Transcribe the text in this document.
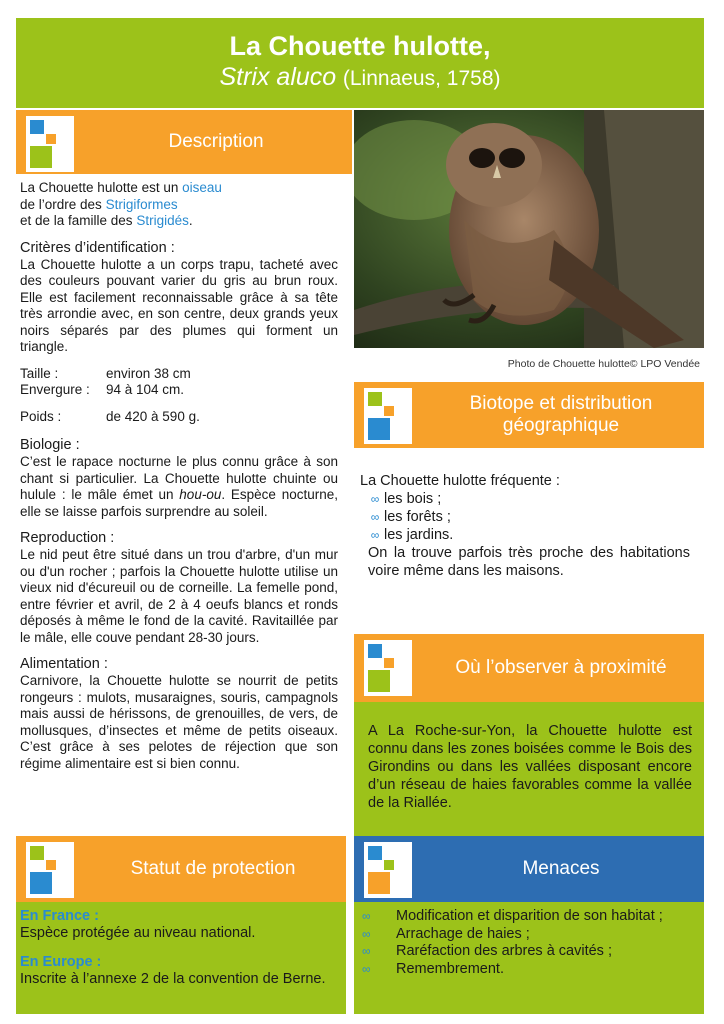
La Chouette hulotte,
Strix aluco (Linnaeus, 1758)
Description

La Chouette hulotte est un oiseau

de l’ordre des Strigiformes

et de la famille des Strigidés.

Critères d’identification :

La Chouette hulotte a un corps trapu, tacheté avec des couleurs pouvant varier du gris au brun roux. Elle est facilement reconnaissable grâce à sa tête très arrondie avec, en son centre, deux grands yeux noirs séparés par des plumes qui forment un triangle.

Taille :	environ 38 cm
Envergure :	94 à 104 cm.
Poids :	de 420 à 590 g.

Biologie :

C’est le rapace nocturne le plus connu grâce à son chant si particulier. La Chouette hulotte chuinte ou hulule : le mâle émet un hou-ou. Espèce nocturne, elle se laisse parfois surprendre au soleil.

Reproduction :

Le nid peut être situé dans un trou d'arbre, d'un mur ou d'un rocher ; parfois la Chouette hulotte utilise un vieux nid d'écureuil ou de corneille. La femelle pond, entre février et avril, de 2 à 4 oeufs blancs et ronds déposés à même le fond de la cavité. Ravitaillée par le mâle, elle couve pendant 28-30 jours.

Alimentation :

Carnivore, la Chouette hulotte se nourrit de petits rongeurs : mulots, musaraignes, souris, campagnols mais aussi de hérissons, de grenouilles, de vers, de mollusques, d’insectes et même de petits oiseaux. C’est grâce à ses pelotes de réjection que son régime alimentaire est si bien connu.

Photo de Chouette hulotte© LPO Vendée
Biotope et distribution géographique
La Chouette hulotte fréquente :
∞ les bois ;
∞ les forêts ;
∞ les jardins.
On la trouve parfois très proche des habitations voire même dans les maisons.
Où l’observer à proximité
A La Roche-sur-Yon, la Chouette hulotte est connu dans les zones boisées comme le Bois des Girondins ou dans les vallées disposant encore d’un réseau de haies favorables comme la vallée de la Riallée.
Statut de protection
En France :
Espèce protégée au niveau national.
En Europe :
Inscrite à l’annexe 2 de la convention de Berne.
Menaces
∞	Modification et disparition de son habitat ;
∞	Arrachage de haies ;
∞	Raréfaction des arbres à cavités ;
∞	Remembrement.
